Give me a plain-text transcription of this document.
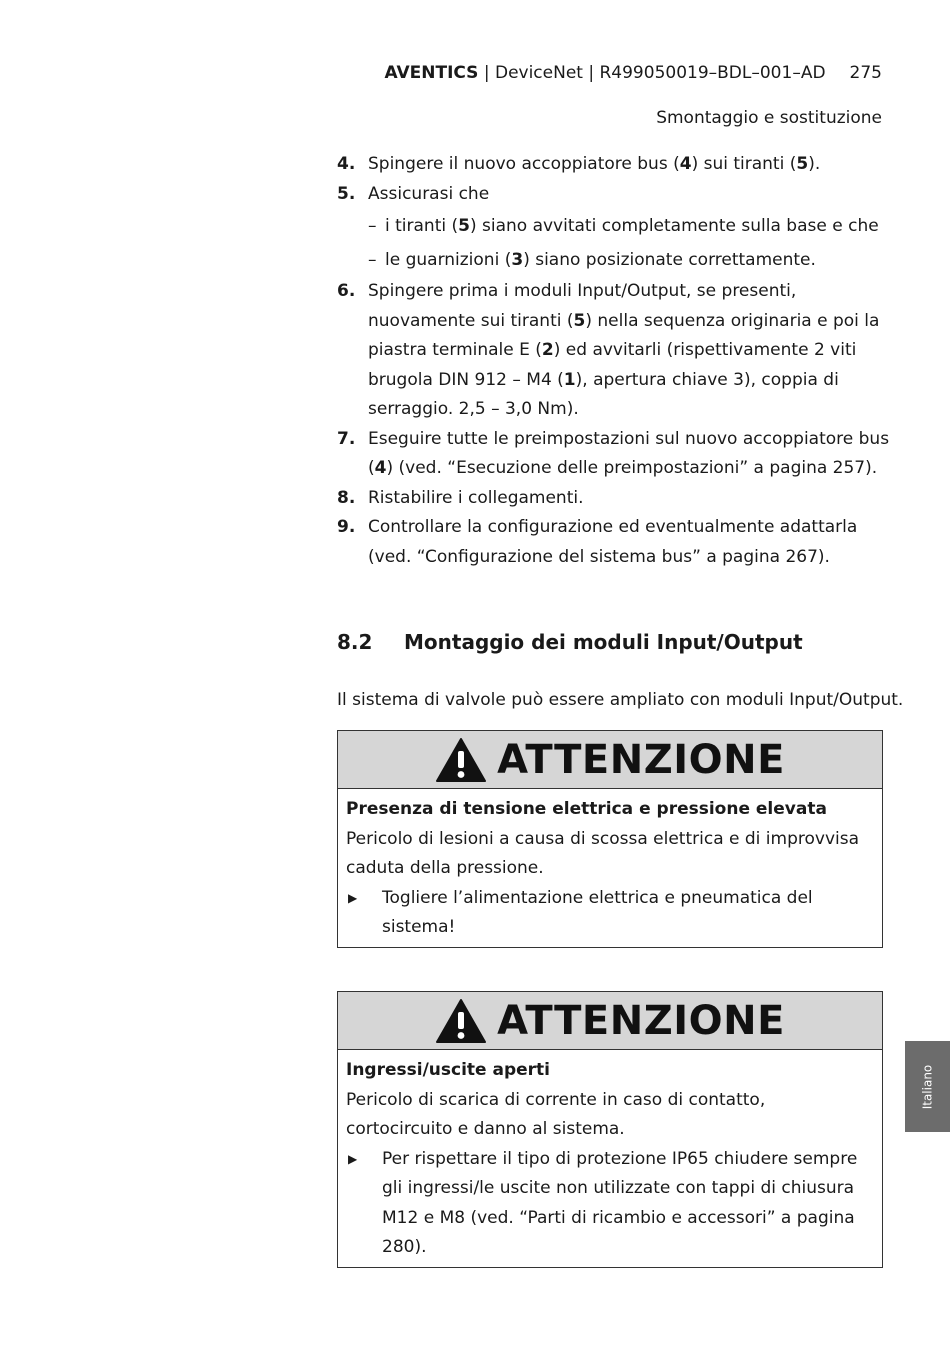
AVENTICS | DeviceNet | R499050019–BDL–001–AD 275
Smontaggio e sostituzione
4. Spingere il nuovo accoppiatore bus (4) sui tiranti (5).
5. Assicurasi che
– i tiranti (5) siano avvitati completamente sulla base e che
– le guarnizioni (3) siano posizionate correttamente.
6. Spingere prima i moduli Input/Output, se presenti, nuovamente sui tiranti (5) nella sequenza originaria e poi la piastra terminale E (2) ed avvitarli (rispettivamente 2 viti brugola DIN 912 – M4 (1), apertura chiave 3), coppia di serraggio. 2,5 – 3,0 Nm).
7. Eseguire tutte le preimpostazioni sul nuovo accoppiatore bus (4) (ved. “Esecuzione delle preimpostazioni” a pagina 257).
8. Ristabilire i collegamenti.
9. Controllare la configurazione ed eventualmente adattarla (ved. “Configurazione del sistema bus” a pagina 267).
8.2 Montaggio dei moduli Input/Output
Il sistema di valvole può essere ampliato con moduli Input/Output.
ATTENZIONE
Presenza di tensione elettrica e pressione elevata
Pericolo di lesioni a causa di scossa elettrica e di improvvisa caduta della pressione.
▶ Togliere l’alimentazione elettrica e pneumatica del sistema!
ATTENZIONE
Ingressi/uscite aperti
Pericolo di scarica di corrente in caso di contatto, cortocircuito e danno al sistema.
▶ Per rispettare il tipo di protezione IP65 chiudere sempre gli ingressi/le uscite non utilizzate con tappi di chiusura M12 e M8 (ved. “Parti di ricambio e accessori” a pagina 280).
Italiano
